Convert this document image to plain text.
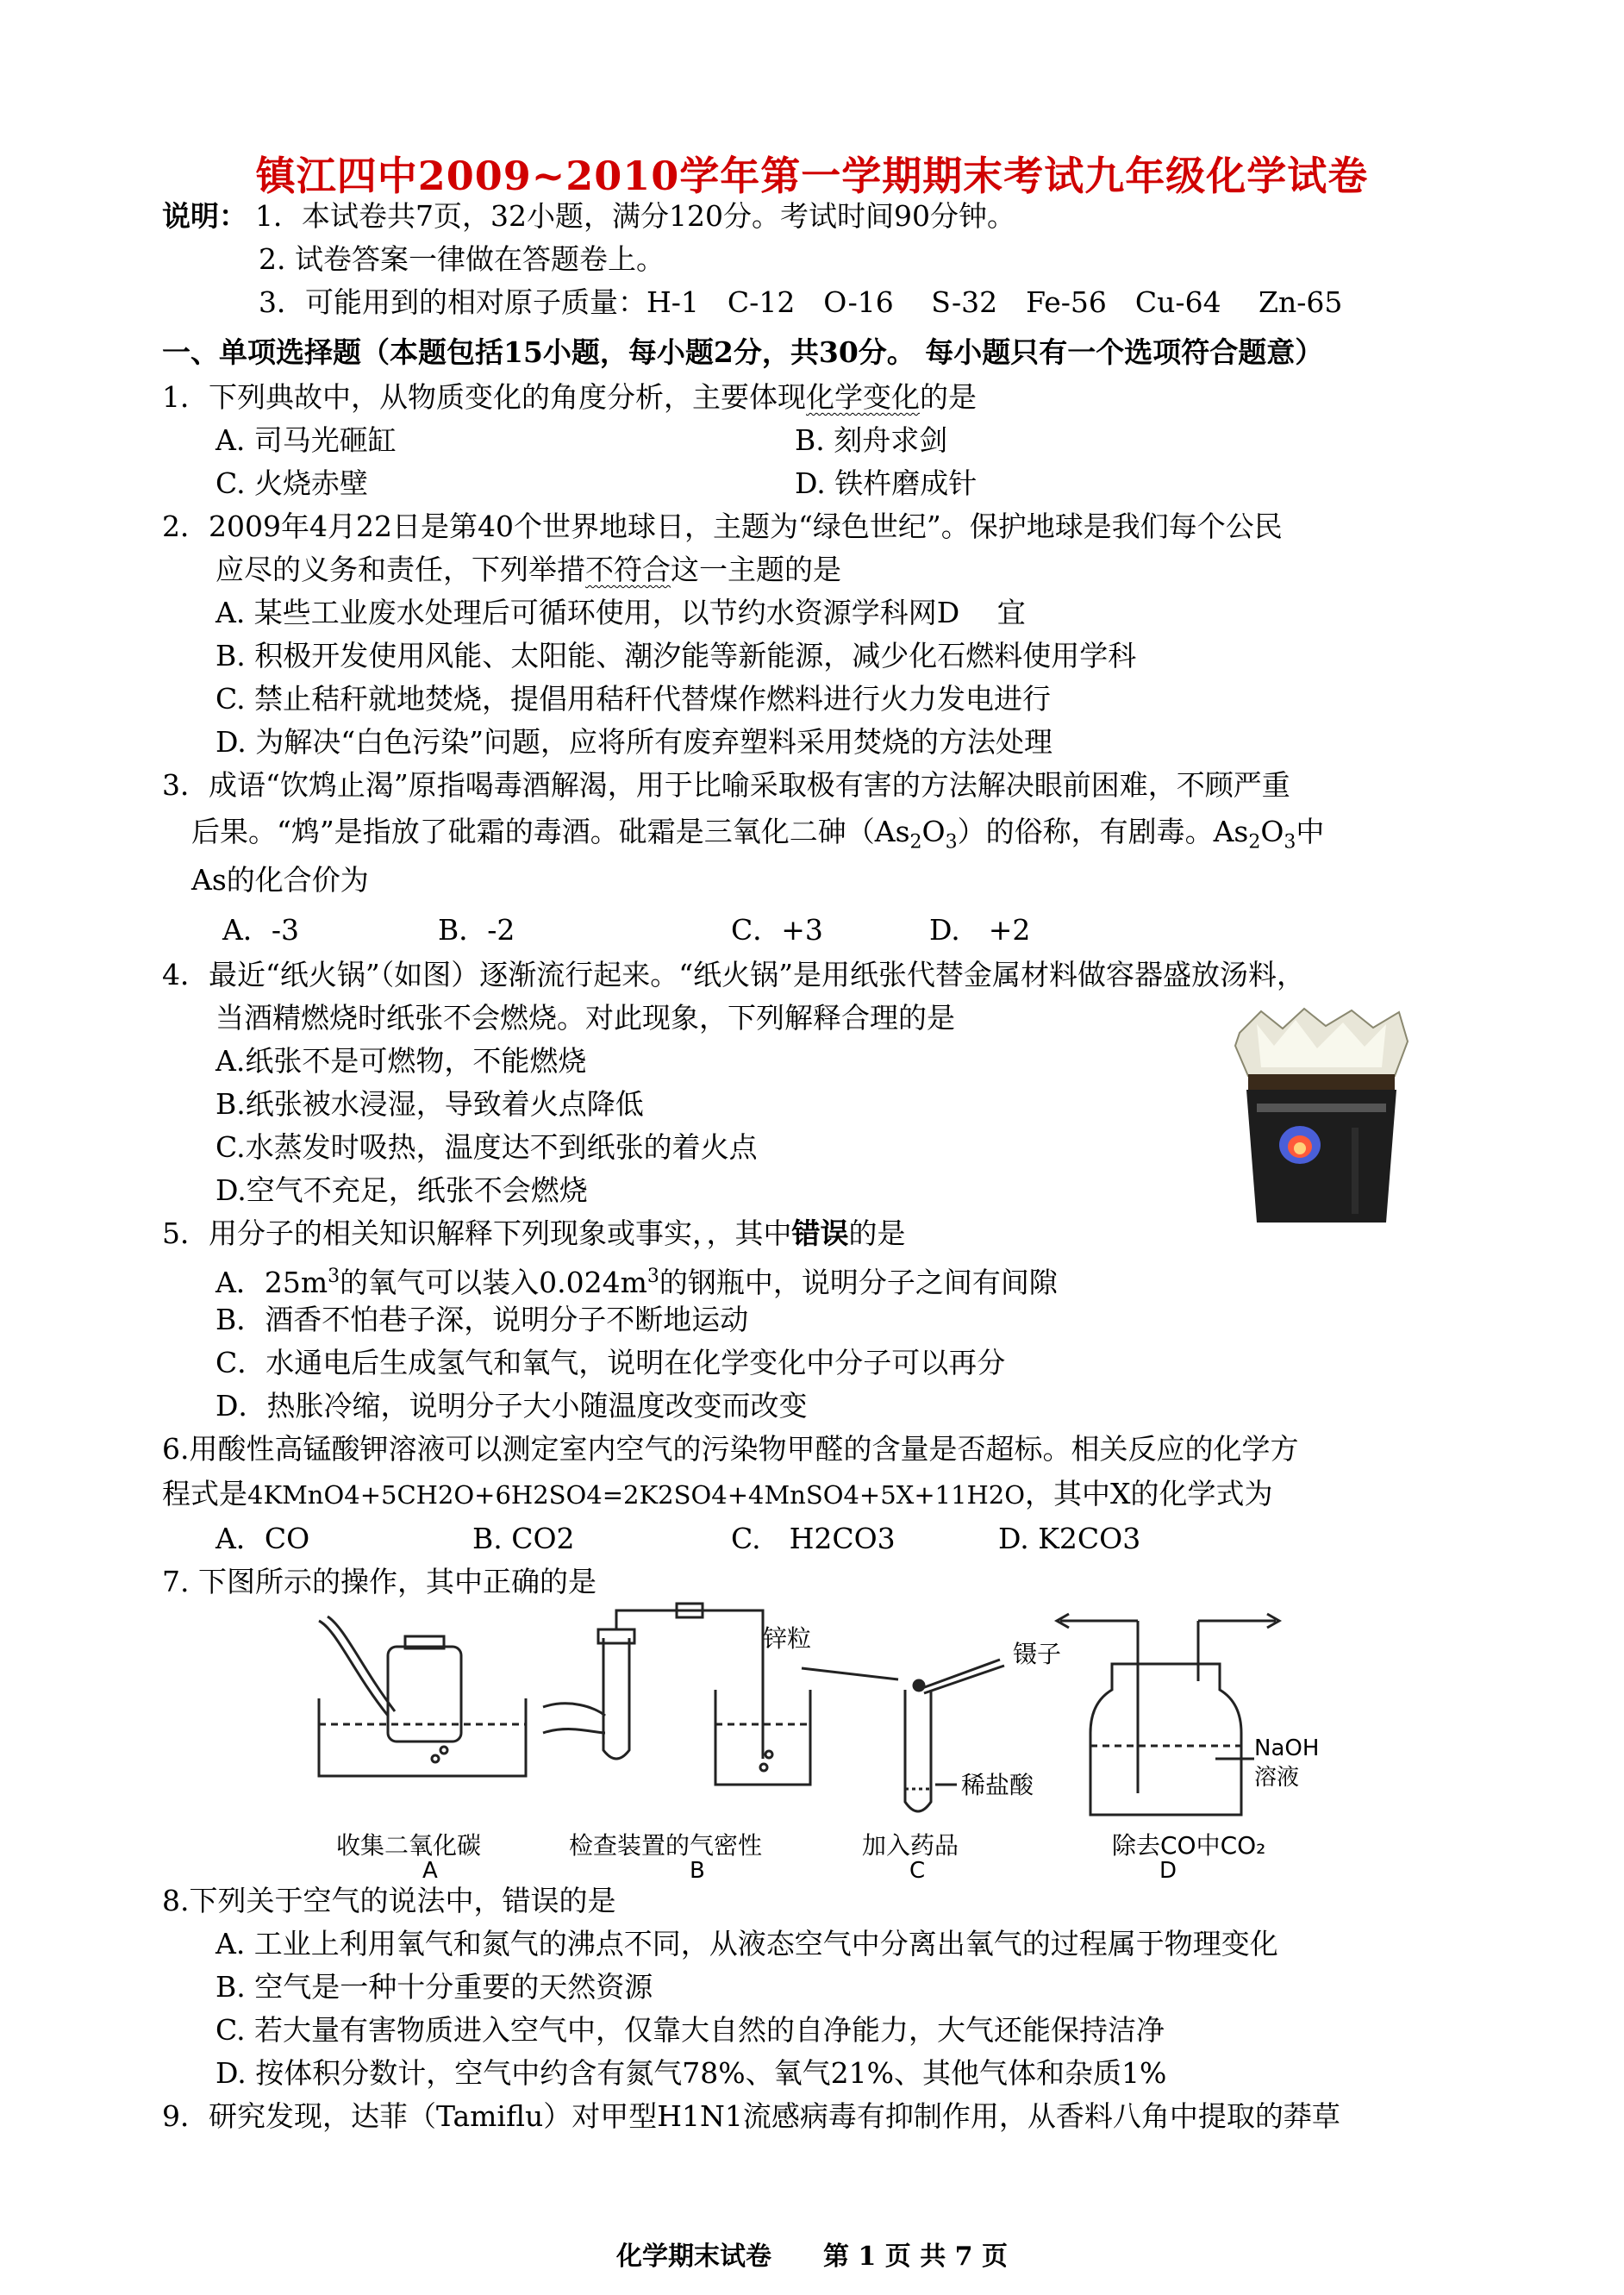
镇江四中2009~2010学年第一学期期末考试九年级化学试卷
说明： 1．本试卷共7页，32小题，满分120分。考试时间90分钟。
2. 试卷答案一律做在答题卷上。
3．可能用到的相对原子质量：H-1　C-12　O-16　 S-32　Fe-56　Cu-64　 Zn-65
一、单项选择题（本题包括15小题，每小题2分，共30分。 每小题只有一个选项符合题意）
1．下列典故中，从物质变化的角度分析，主要体现化学变化的是
A. 司马光砸缸	B. 刻舟求剑
C. 火烧赤壁	D. 铁杵磨成针
2．2009年4月22日是第40个世界地球日，主题为“绿色世纪”。保护地球是我们每个公民
应尽的义务和责任，下列举措不符合这一主题的是
A. 某些工业废水处理后可循环使用，以节约水资源学科网D　 宜
B. 积极开发使用风能、太阳能、潮汐能等新能源，减少化石燃料使用学科
C. 禁止秸秆就地焚烧，提倡用秸秆代替煤作燃料进行火力发电进行
D. 为解决“白色污染”问题，应将所有废弃塑料采用焚烧的方法处理
3．成语“饮鸩止渴”原指喝毒酒解渴，用于比喻采取极有害的方法解决眼前困难，不顾严重
后果。“鸩”是指放了砒霜的毒酒。砒霜是三氧化二砷$(As_2O_3)$的俗称，有剧毒。$As_2O_3$中
As的化合价为
A．-3	B．-2	C．+3	D.　+2
4．最近“纸火锅”（如图）逐渐流行起来。“纸火锅”是用纸张代替金属材料做容器盛放汤料，
当酒精燃烧时纸张不会燃烧。对此现象，下列解释合理的是
A.纸张不是可燃物，不能燃烧
B.纸张被水浸湿，导致着火点降低
C.水蒸发时吸热，温度达不到纸张的着火点
D.空气不充足，纸张不会燃烧
5．用分子的相关知识解释下列现象或事实，，其中错误的是
A．$25m^3$的氧气可以装入$0.024m^3$的钢瓶中，说明分子之间有间隙
B．酒香不怕巷子深，说明分子不断地运动
C．水通电后生成氢气和氧气，说明在化学变化中分子可以再分
D．热胀冷缩，说明分子大小随温度改变而改变
6.用酸性高锰酸钾溶液可以测定室内空气的污染物甲醛的含量是否超标。相关反应的化学方
程式是4KMnO4+5CH2O+6H2SO4=2K2SO4+4MnSO4+5X+11H2O，其中X的化学式为
A．CO	B. CO2	C.　H2CO3	D. K2CO3
7. 下图所示的操作，其中正确的是
收集二氧化碳
A
检查装置的气密性
B
加入药品
C
除去CO中CO₂
D
锌粒
镊子
稀盐酸
NaOH
溶液
8.下列关于空气的说法中，错误的是
A. 工业上利用氧气和氮气的沸点不同，从液态空气中分离出氧气的过程属于物理变化
B. 空气是一种十分重要的天然资源
C. 若大量有害物质进入空气中，仅靠大自然的自净能力，大气还能保持洁净
D. 按体积分数计，空气中约含有氮气78%、氧气21%、其他气体和杂质1%
9．研究发现，达菲（Tamiflu）对甲型H1N1流感病毒有抑制作用，从香料八角中提取的莽草
化学期末试卷　　第 1 页 共 7 页
